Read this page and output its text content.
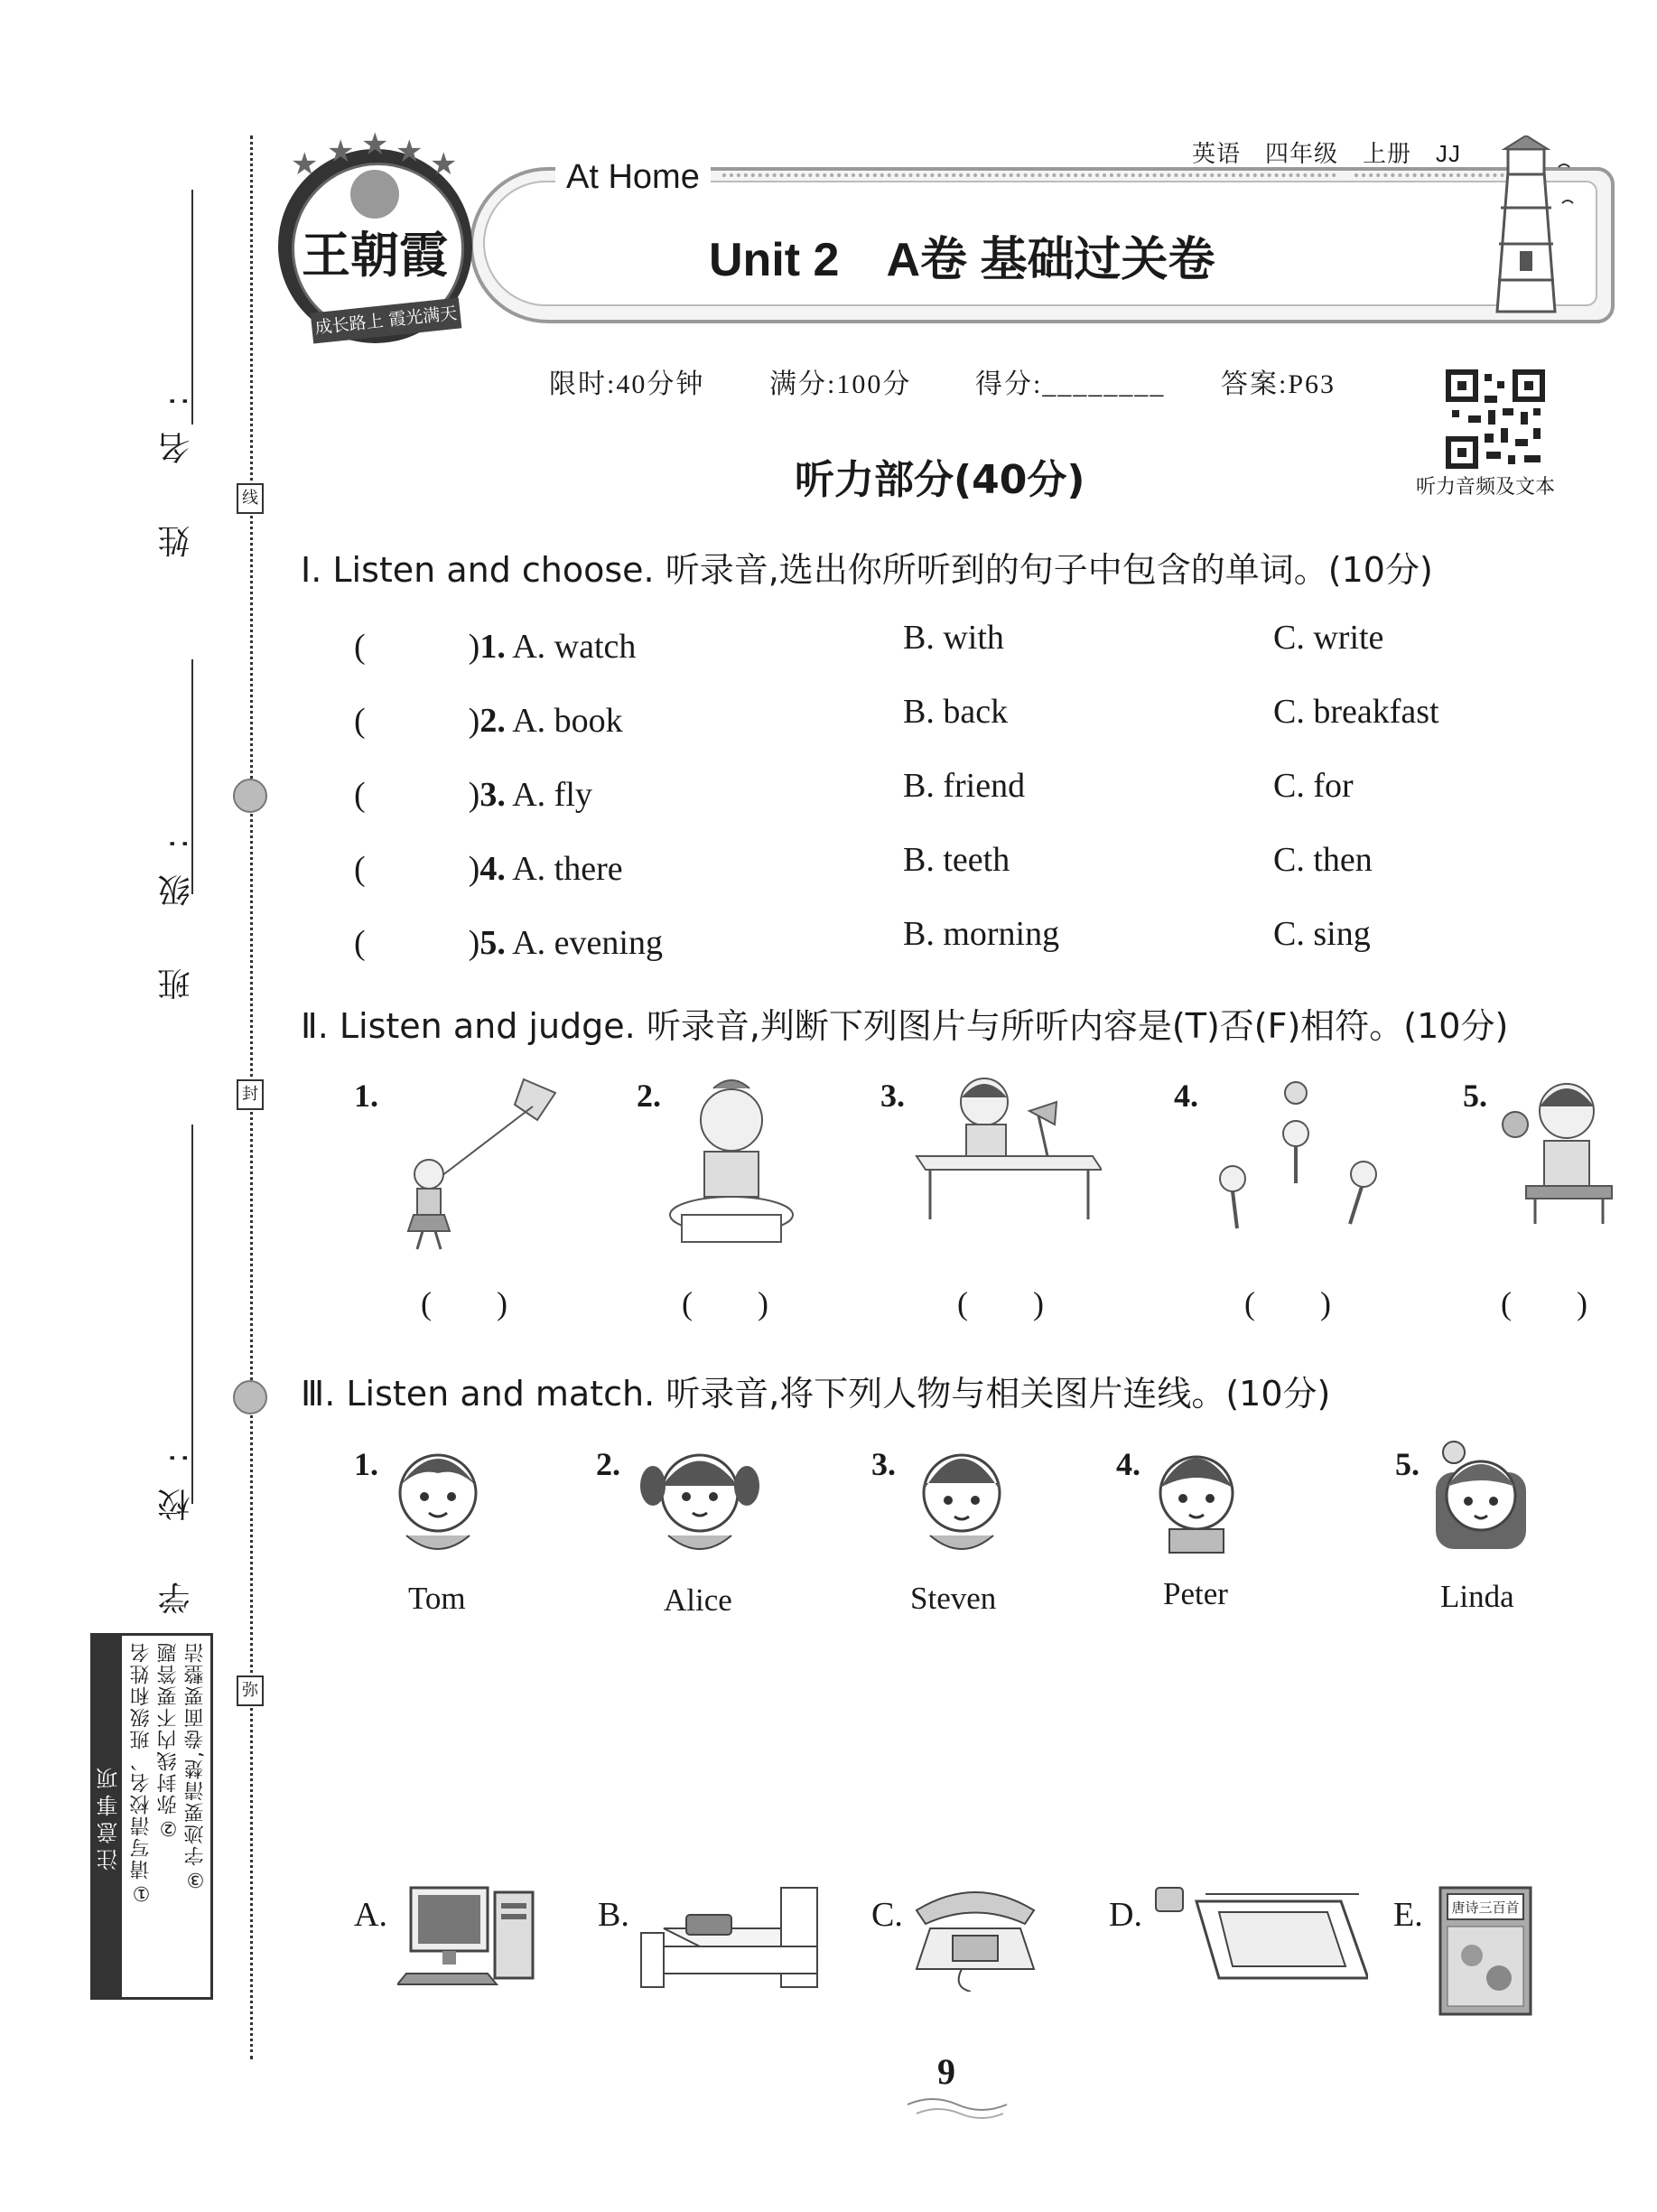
姓 名:
班 级:
学 校:
线
封
弥
注意事项 ①请写清校名、班级和姓名 ②弥封线内不要答题 ③字迹要清楚,卷面要整洁
王朝霞
成长路上 霞光满天
★ ★ ★ ★ ★	英语　四年级　上册　JJ
At Home
Unit 2　A卷 基础过关卷
限时:40分钟 满分:100分 得分:________ 答案:P63
听力音频及文本
听力部分(40分)
Ⅰ. Listen and choose. 听录音,选出你所听到的句子中包含的单词。(10分)
(　　　)1. A. watch	B. with	C. write
(　　　)2. A. book	B. back	C. breakfast
(　　　)3. A. fly	B. friend	C. for
(　　　)4. A. there	B. teeth	C. then
(　　　)5. A. evening	B. morning	C. sing
Ⅱ. Listen and judge. 听录音,判断下列图片与所听内容是(T)否(F)相符。(10分)
1.	2.	3.	4.	5.
(　　)	(　　)	(　　)	(　　)	(　　)
Ⅲ. Listen and match. 听录音,将下列人物与相关图片连线。(10分)
1.
Tom
2.
Alice
3.
Steven
4.
Peter
5.
Linda
A.	B.	C.	D.	E. 唐诗三百首
9
